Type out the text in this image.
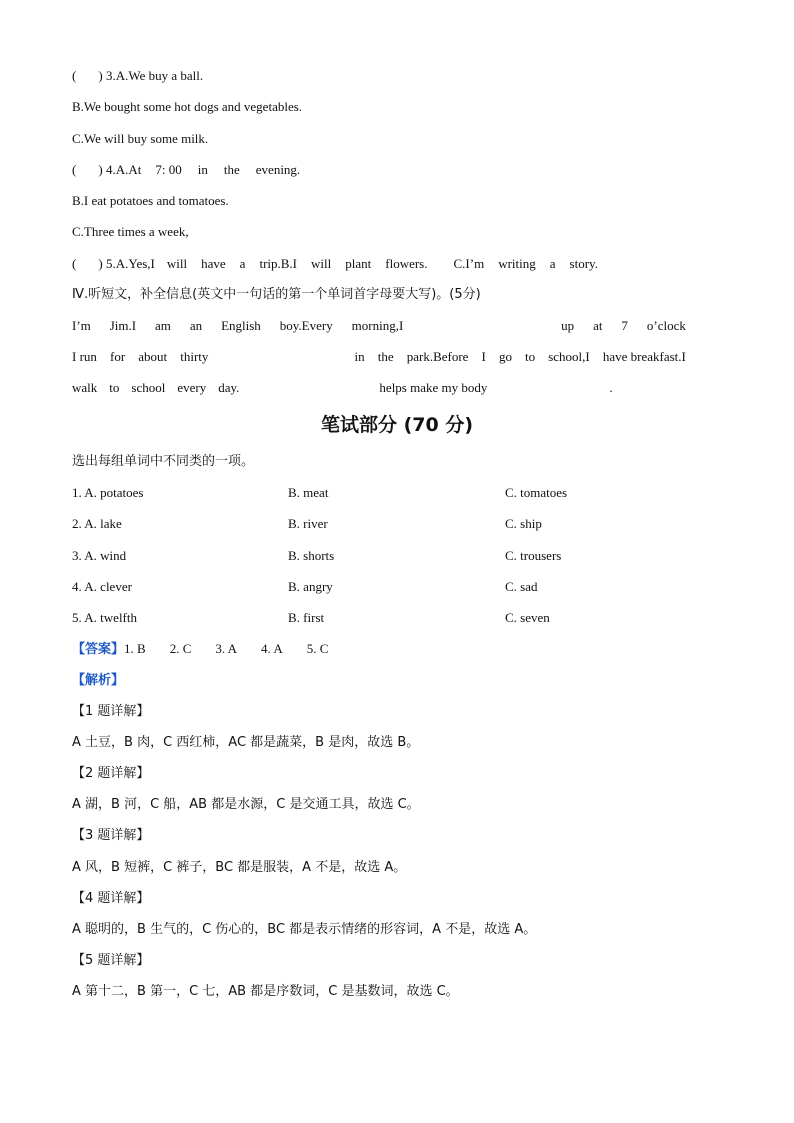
( ) 3.A.We buy a ball.
B.We bought some hot dogs and vegetables.
C.We will buy some milk.
( ) 4.A.At 7: 00 in the evening.
B.I eat potatoes and tomatoes.
C.Three times a week,
( ) 5.A.Yes,I will have a trip.B.I will plant flowers. C.I’m writing a story.
Ⅳ.听短文，补全信息(英文中一句话的第一个单词首字母要大写)。(5分)
I’m Jim.I am an English boy.Every morning,I	up at 7 o’clock
I run for about thirty	in the park.Before I go to school,I have breakfast.I
walk to school every day.	helps make my body	.
笔试部分 (70 分)
选出每组单词中不同类的一项。
1. A. potatoes	B. meat	C. tomatoes
2. A. lake	B. river	C. ship
3. A. wind	B. shorts	C. trousers
4. A. clever	B. angry	C. sad
5. A. twelfth	B. first	C. seven
【答案】1. B 2. C 3. A 4. A 5. C
【解析】
【1 题详解】
A 土豆，B 肉，C 西红柿，AC 都是蔬菜，B 是肉，故选 B。
【2 题详解】
A 湖，B 河，C 船，AB 都是水源，C 是交通工具，故选 C。
【3 题详解】
A 风，B 短裤，C 裤子，BC 都是服装，A 不是，故选 A。
【4 题详解】
A 聪明的，B 生气的，C 伤心的，BC 都是表示情绪的形容词，A 不是，故选 A。
【5 题详解】
A 第十二，B 第一，C 七，AB 都是序数词，C 是基数词，故选 C。
